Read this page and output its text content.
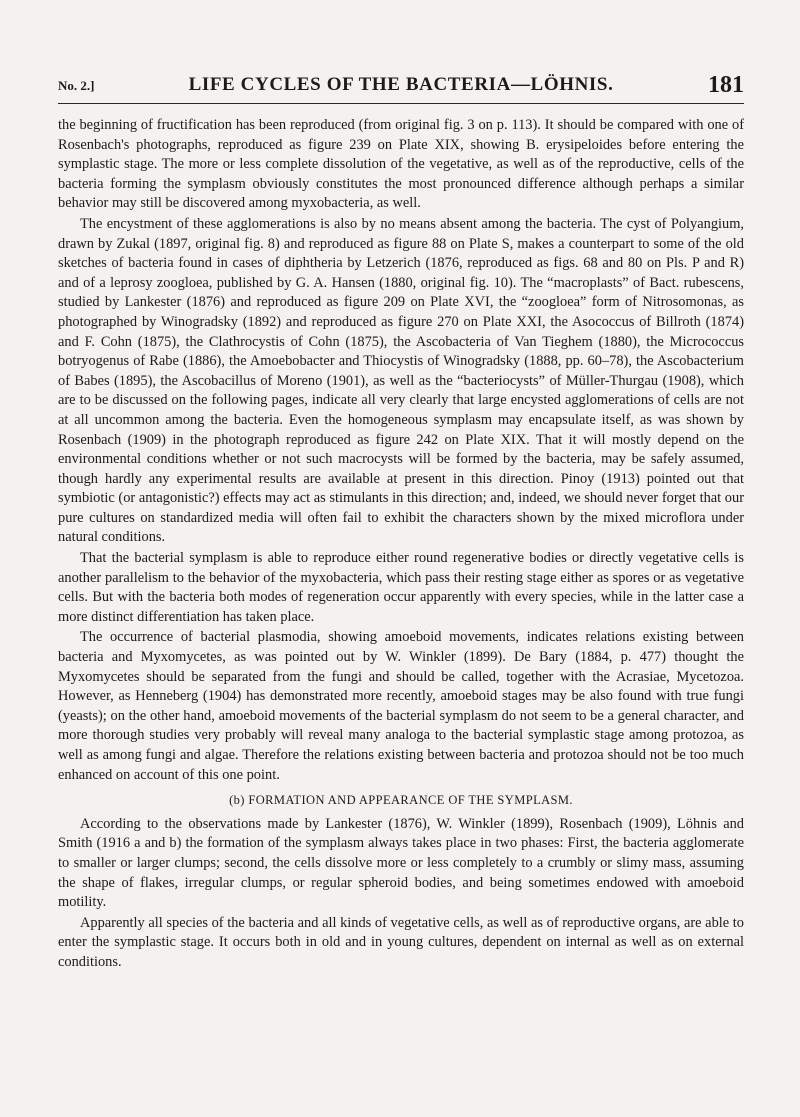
No. 2.]	LIFE CYCLES OF THE BACTERIA—LÖHNIS.	181

the beginning of fructification has been reproduced (from original fig. 3 on p. 113). It should be compared with one of Rosenbach's photographs, reproduced as figure 239 on Plate XIX, showing B. erysipeloides before entering the symplastic stage. The more or less complete dissolution of the vegetative, as well as of the reproductive, cells of the bacteria forming the symplasm obviously constitutes the most pronounced difference although perhaps a similar behavior may still be discovered among myxobacteria, as well.

The encystment of these agglomerations is also by no means absent among the bacteria. The cyst of Polyangium, drawn by Zukal (1897, original fig. 8) and reproduced as figure 88 on Plate S, makes a counterpart to some of the old sketches of bacteria found in cases of diphtheria by Letzerich (1876, reproduced as figs. 68 and 80 on Pls. P and R) and of a leprosy zoogloea, published by G. A. Hansen (1880, original fig. 10). The “macroplasts” of Bact. rubescens, studied by Lankester (1876) and reproduced as figure 209 on Plate XVI, the “zoogloea” form of Nitrosomonas, as photographed by Winogradsky (1892) and reproduced as figure 270 on Plate XXI, the Asococcus of Billroth (1874) and F. Cohn (1875), the Clathrocystis of Cohn (1875), the Ascobacteria of Van Tieghem (1880), the Micrococcus botryogenus of Rabe (1886), the Amoebobacter and Thiocystis of Winogradsky (1888, pp. 60–78), the Ascobacterium of Babes (1895), the Ascobacillus of Moreno (1901), as well as the “bacteriocysts” of Müller-Thurgau (1908), which are to be discussed on the following pages, indicate all very clearly that large encysted agglomerations of cells are not at all uncommon among the bacteria. Even the homogeneous symplasm may encapsulate itself, as was shown by Rosenbach (1909) in the photograph reproduced as figure 242 on Plate XIX. That it will mostly depend on the environmental conditions whether or not such macrocysts will be formed by the bacteria, may be safely assumed, though hardly any experimental results are available at present in this direction. Pinoy (1913) pointed out that symbiotic (or antagonistic?) effects may act as stimulants in this direction; and, indeed, we should never forget that our pure cultures on standardized media will often fail to exhibit the characters shown by the mixed microflora under natural conditions.

That the bacterial symplasm is able to reproduce either round regenerative bodies or directly vegetative cells is another parallelism to the behavior of the myxobacteria, which pass their resting stage either as spores or as vegetative cells. But with the bacteria both modes of regeneration occur apparently with every species, while in the latter case a more distinct differentiation has taken place.

The occurrence of bacterial plasmodia, showing amoeboid movements, indicates relations existing between bacteria and Myxomycetes, as was pointed out by W. Winkler (1899). De Bary (1884, p. 477) thought the Myxomycetes should be separated from the fungi and should be called, together with the Acrasiae, Mycetozoa. However, as Henneberg (1904) has demonstrated more recently, amoeboid stages may be also found with true fungi (yeasts); on the other hand, amoeboid movements of the bacterial symplasm do not seem to be a general character, and more thorough studies very probably will reveal many analoga to the bacterial symplastic stage among protozoa, as well as among fungi and algae. Therefore the relations existing between bacteria and protozoa should not be too much enhanced on account of this one point.

(b) FORMATION AND APPEARANCE OF THE SYMPLASM.

According to the observations made by Lankester (1876), W. Winkler (1899), Rosenbach (1909), Löhnis and Smith (1916 a and b) the formation of the symplasm always takes place in two phases: First, the bacteria agglomerate to smaller or larger clumps; second, the cells dissolve more or less completely to a crumbly or slimy mass, assuming the shape of flakes, irregular clumps, or regular spheroid bodies, and being sometimes endowed with amoeboid motility.

Apparently all species of the bacteria and all kinds of vegetative cells, as well as of reproductive organs, are able to enter the symplastic stage. It occurs both in old and in young cultures, dependent on internal as well as on external conditions.
